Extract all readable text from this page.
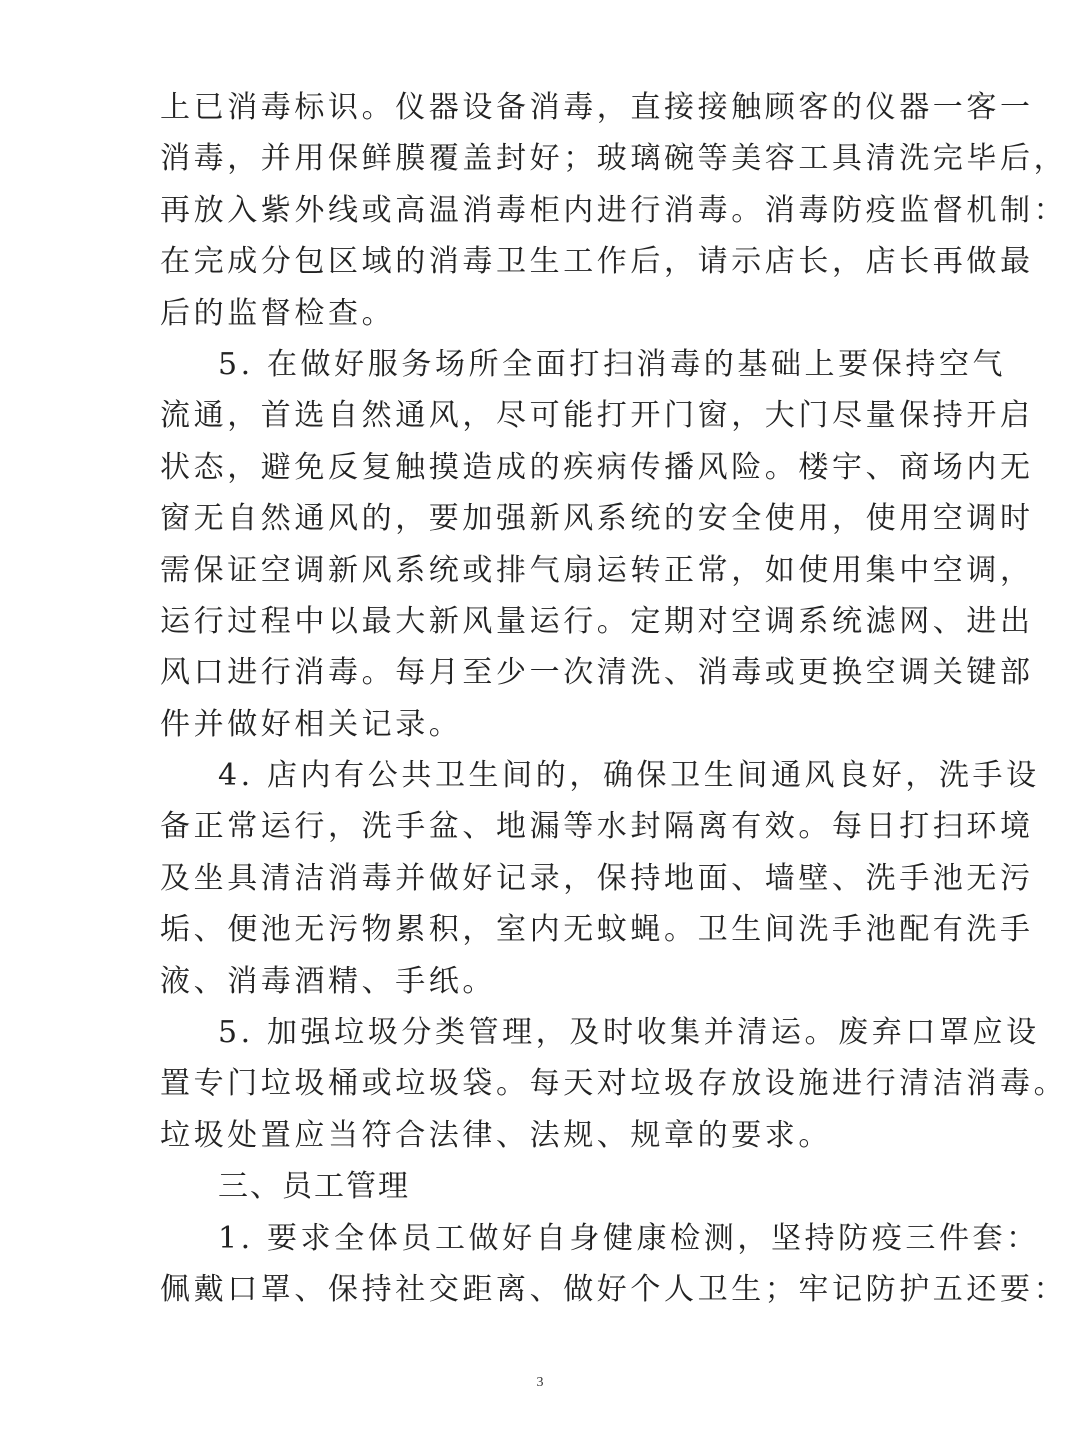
上已消毒标识。仪器设备消毒，直接接触顾客的仪器一客一
消毒，并用保鲜膜覆盖封好；玻璃碗等美容工具清洗完毕后，
再放入紫外线或高温消毒柜内进行消毒。消毒防疫监督机制：
在完成分包区域的消毒卫生工作后，请示店长，店长再做最
后的监督检查。
5. 在做好服务场所全面打扫消毒的基础上要保持空气
流通，首选自然通风，尽可能打开门窗，大门尽量保持开启
状态，避免反复触摸造成的疾病传播风险。楼宇、商场内无
窗无自然通风的，要加强新风系统的安全使用，使用空调时
需保证空调新风系统或排气扇运转正常，如使用集中空调，
运行过程中以最大新风量运行。定期对空调系统滤网、进出
风口进行消毒。每月至少一次清洗、消毒或更换空调关键部
件并做好相关记录。
4. 店内有公共卫生间的，确保卫生间通风良好，洗手设
备正常运行，洗手盆、地漏等水封隔离有效。每日打扫环境
及坐具清洁消毒并做好记录，保持地面、墙壁、洗手池无污
垢、便池无污物累积，室内无蚊蝇。卫生间洗手池配有洗手
液、消毒酒精、手纸。
5. 加强垃圾分类管理，及时收集并清运。废弃口罩应设
置专门垃圾桶或垃圾袋。每天对垃圾存放设施进行清洁消毒。
垃圾处置应当符合法律、法规、规章的要求。
三、员工管理
1. 要求全体员工做好自身健康检测，坚持防疫三件套：
佩戴口罩、保持社交距离、做好个人卫生；牢记防护五还要：
3
